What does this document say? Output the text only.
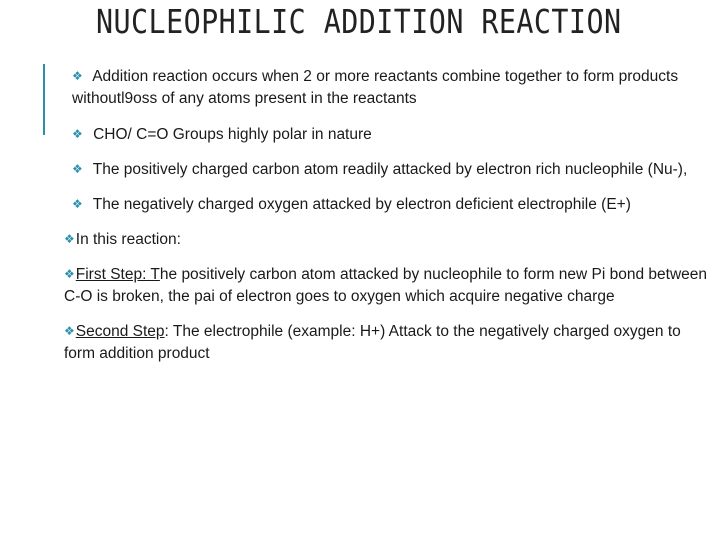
NUCLEOPHILIC ADDITION REACTION
❖ Addition reaction occurs when 2 or more reactants combine together to form products withoutl9oss of any atoms present in the reactants
❖ CHO/ C=O Groups highly polar in nature
❖ The positively charged carbon atom readily attacked by electron rich nucleophile (Nu-),
❖ The negatively charged oxygen attacked by electron deficient electrophile (E+)
❖In this reaction:
❖First Step: The positively carbon atom attacked by nucleophile to form new Pi bond between C-O is broken, the pai of electron goes to oxygen which acquire negative charge
❖Second Step: The electrophile (example: H+) Attack to the negatively charged oxygen to form addition product
